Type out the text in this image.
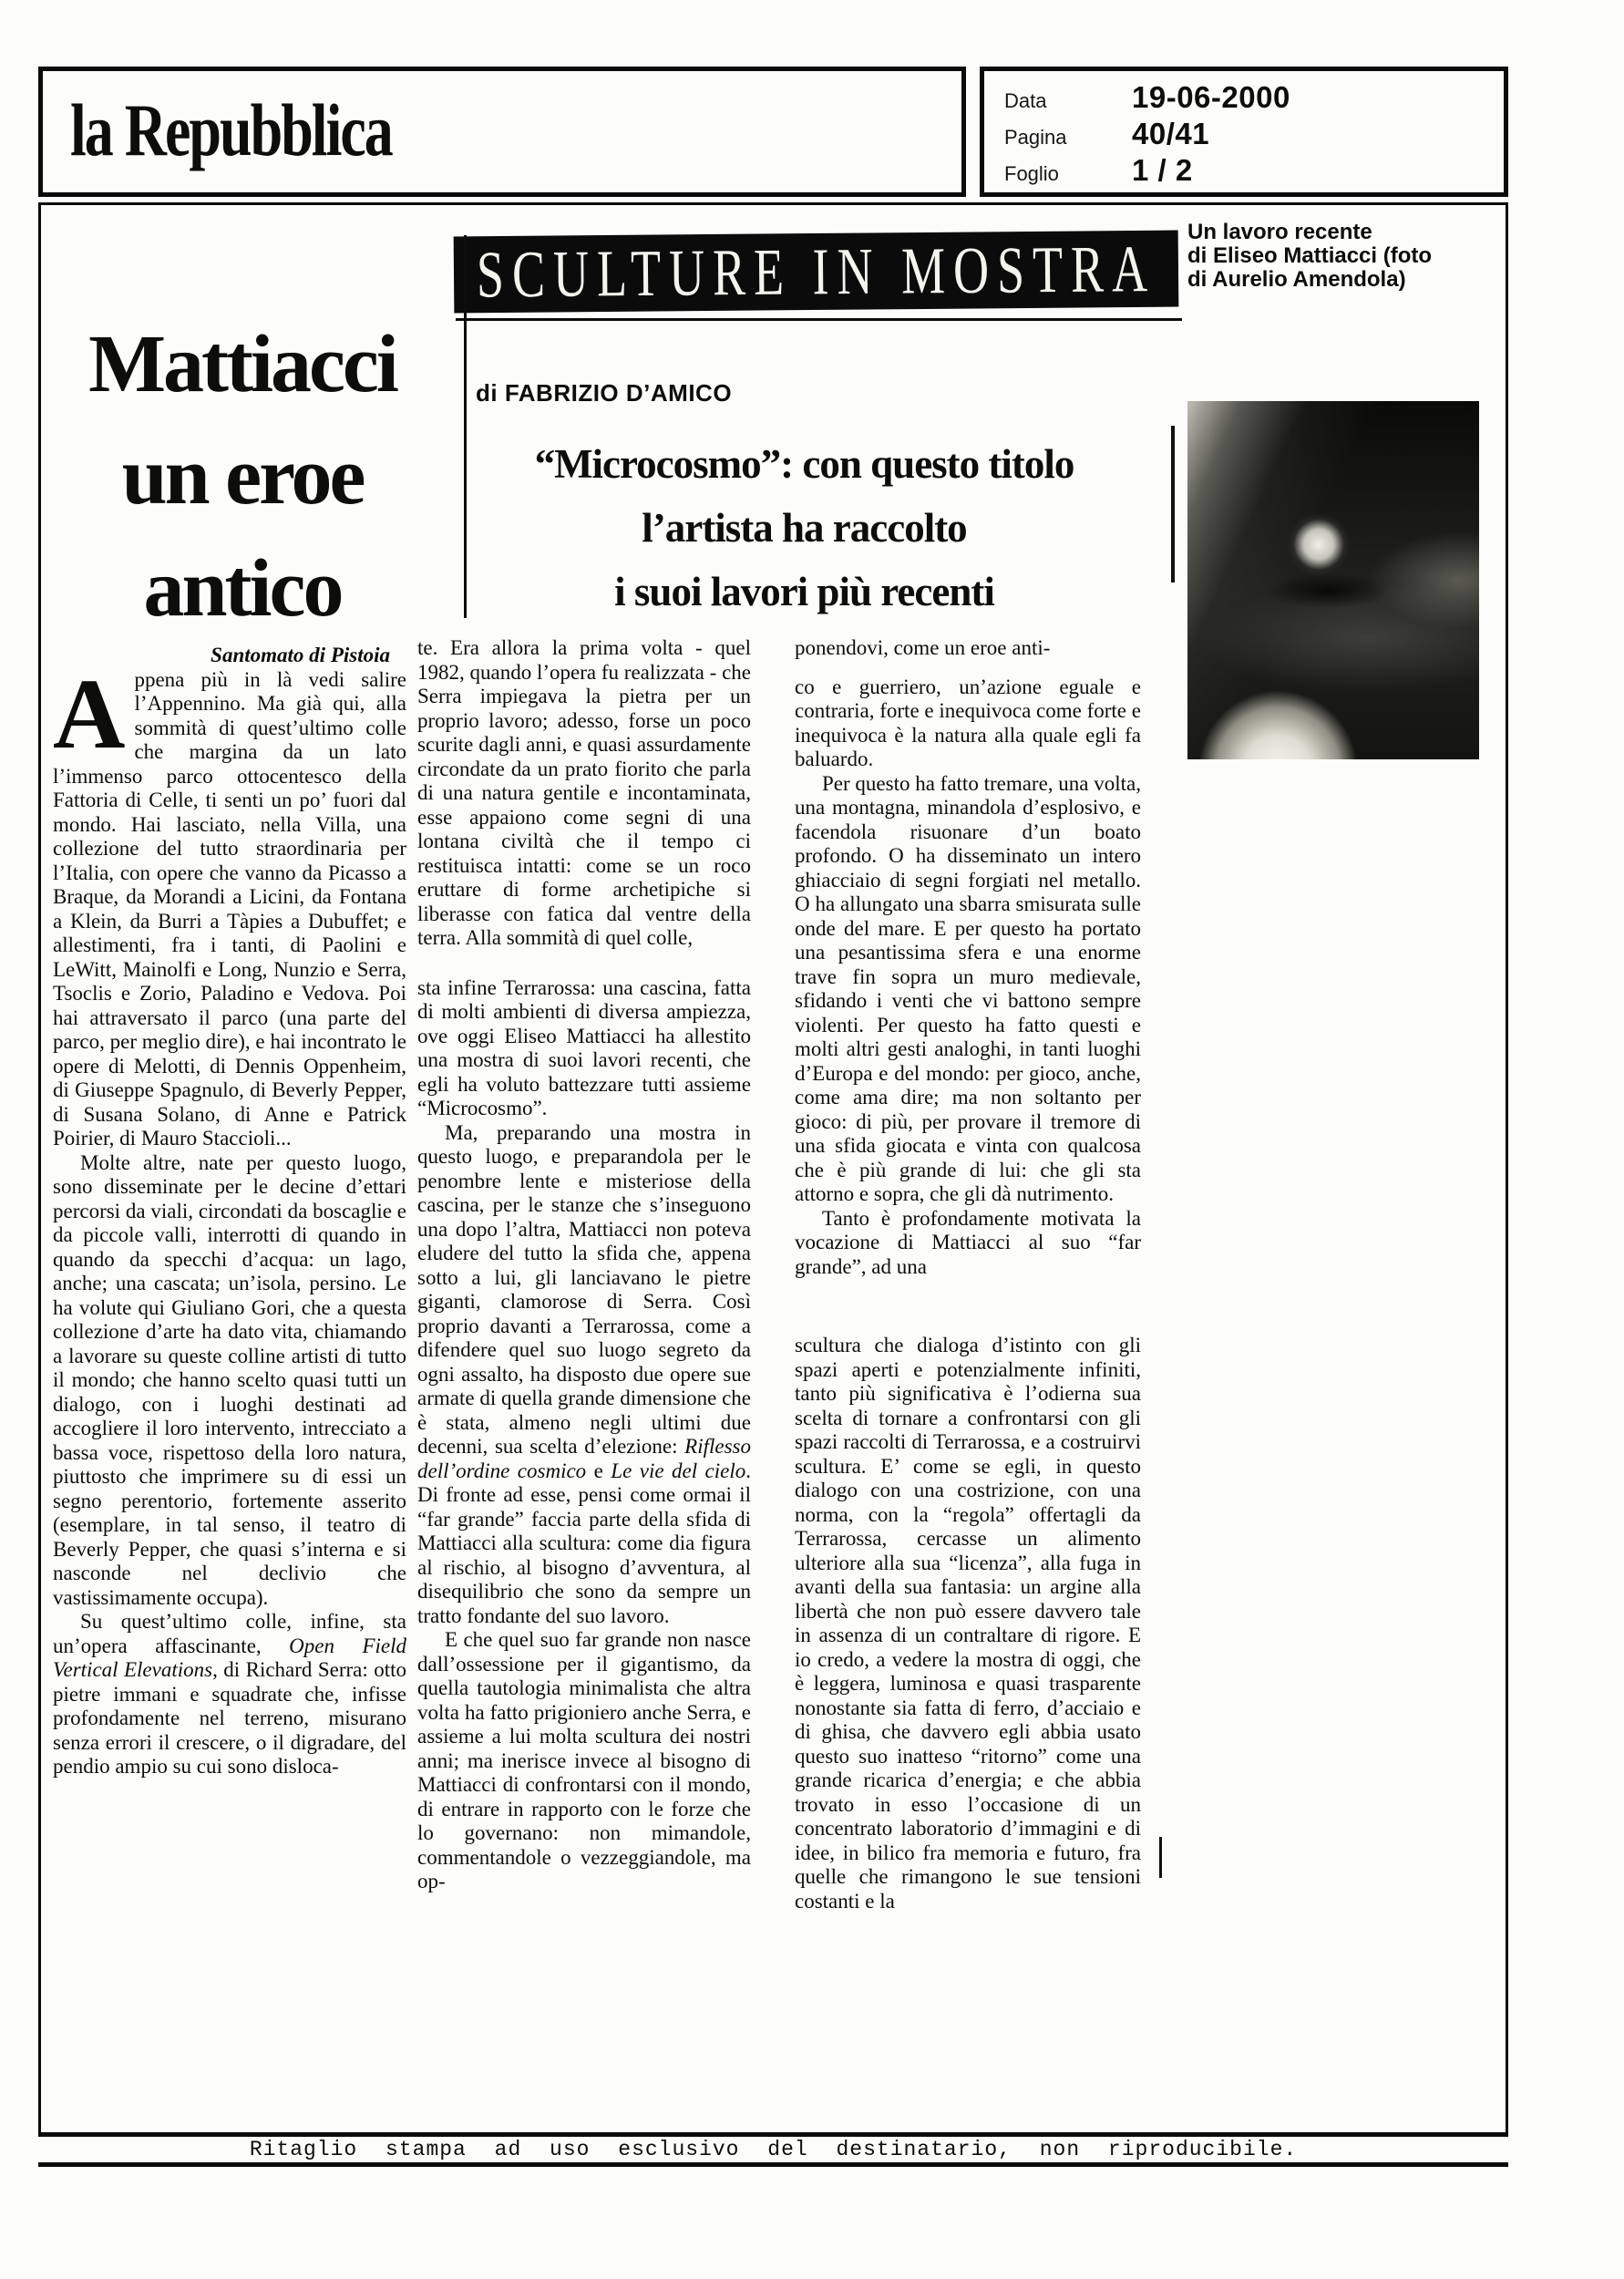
la Repubblica	Data	19-06-2000
Pagina	40/41
Foglio	1 / 2
SCULTURE IN MOSTRA
di FABRIZIO D’AMICO
Un lavoro recente
di Eliseo Mattiacci (foto
di Aurelio Amendola)
Mattiacci
un eroe
antico
“Microcosmo”: con questo titolo
l’artista ha raccolto
i suoi lavori più recenti

Santomato di Pistoia

Appena più in là vedi salire l’Appennino. Ma già qui, alla sommità di quest’ultimo colle che margina da un lato l’immenso parco ottocentesco della Fattoria di Celle, ti senti un po’ fuori dal mondo. Hai lasciato, nella Villa, una collezione del tutto straordinaria per l’Italia, con opere che vanno da Picasso a Braque, da Morandi a Licini, da Fontana a Klein, da Burri a Tàpies a Dubuffet; e allestimenti, fra i tanti, di Paolini e LeWitt, Mainolfi e Long, Nunzio e Serra, Tsoclis e Zorio, Paladino e Vedova. Poi hai attraversato il parco (una parte del parco, per meglio dire), e hai incontrato le opere di Melotti, di Dennis Oppenheim, di Giuseppe Spagnulo, di Beverly Pepper, di Susana Solano, di Anne e Patrick Poirier, di Mauro Staccioli...

Molte altre, nate per questo luogo, sono disseminate per le decine d’ettari percorsi da viali, circondati da boscaglie e da piccole valli, interrotti di quando in quando da specchi d’acqua: un lago, anche; una cascata; un’isola, persino. Le ha volute qui Giuliano Gori, che a questa collezione d’arte ha dato vita, chiamando a lavorare su queste colline artisti di tutto il mondo; che hanno scelto quasi tutti un dialogo, con i luoghi destinati ad accogliere il loro intervento, intrecciato a bassa voce, rispettoso della loro natura, piuttosto che imprimere su di essi un segno perentorio, fortemente asserito (esemplare, in tal senso, il teatro di Beverly Pepper, che quasi s’interna e si nasconde nel declivio che vastissimamente occupa).

Su quest’ultimo colle, infine, sta un’opera affascinante, Open Field Vertical Elevations, di Richard Serra: otto pietre immani e squadrate che, infisse profondamente nel terreno, misurano senza errori il crescere, o il digradare, del pendio ampio su cui sono disloca-

te. Era allora la prima volta - quel 1982, quando l’opera fu realizzata - che Serra impiegava la pietra per un proprio lavoro; adesso, forse un poco scurite dagli anni, e quasi assurdamente circondate da un prato fiorito che parla di una natura gentile e incontaminata, esse appaiono come segni di una lontana civiltà che il tempo ci restituisca intatti: come se un roco eruttare di forme archetipiche si liberasse con fatica dal ventre della terra. Alla sommità di quel colle,

sta infine Terrarossa: una cascina, fatta di molti ambienti di diversa ampiezza, ove oggi Eliseo Mattiacci ha allestito una mostra di suoi lavori recenti, che egli ha voluto battezzare tutti assieme “Microcosmo”.

Ma, preparando una mostra in questo luogo, e preparandola per le penombre lente e misteriose della cascina, per le stanze che s’inseguono una dopo l’altra, Mattiacci non poteva eludere del tutto la sfida che, appena sotto a lui, gli lanciavano le pietre giganti, clamorose di Serra. Così proprio davanti a Terrarossa, come a difendere quel suo luogo segreto da ogni assalto, ha disposto due opere sue armate di quella grande dimensione che è stata, almeno negli ultimi due decenni, sua scelta d’elezione: Riflesso dell’ordine cosmico e Le vie del cielo. Di fronte ad esse, pensi come ormai il “far grande” faccia parte della sfida di Mattiacci alla scultura: come dia figura al rischio, al bisogno d’avventura, al disequilibrio che sono da sempre un tratto fondante del suo lavoro.

E che quel suo far grande non nasce dall’ossessione per il gigantismo, da quella tautologia minimalista che altra volta ha fatto prigioniero anche Serra, e assieme a lui molta scultura dei nostri anni; ma inerisce invece al bisogno di Mattiacci di confrontarsi con il mondo, di entrare in rapporto con le forze che lo governano: non mimandole, commentandole o vezzeggiandole, ma op-

ponendovi, come un eroe anti-

co e guerriero, un’azione eguale e contraria, forte e inequivoca come forte e inequivoca è la natura alla quale egli fa baluardo.

Per questo ha fatto tremare, una volta, una montagna, minandola d’esplosivo, e facendola risuonare d’un boato profondo. O ha disseminato un intero ghiacciaio di segni forgiati nel metallo. O ha allungato una sbarra smisurata sulle onde del mare. E per questo ha portato una pesantissima sfera e una enorme trave fin sopra un muro medievale, sfidando i venti che vi battono sempre violenti. Per questo ha fatto questi e molti altri gesti analoghi, in tanti luoghi d’Europa e del mondo: per gioco, anche, come ama dire; ma non soltanto per gioco: di più, per provare il tremore di una sfida giocata e vinta con qualcosa che è più grande di lui: che gli sta attorno e sopra, che gli dà nutrimento.

Tanto è profondamente motivata la vocazione di Mattiacci al suo “far grande”, ad una

scultura che dialoga d’istinto con gli spazi aperti e potenzialmente infiniti, tanto più significativa è l’odierna sua scelta di tornare a confrontarsi con gli spazi raccolti di Terrarossa, e a costruirvi scultura. E’ come se egli, in questo dialogo con una costrizione, con una norma, con la “regola” offertagli da Terrarossa, cercasse un alimento ulteriore alla sua “licenza”, alla fuga in avanti della sua fantasia: un argine alla libertà che non può essere davvero tale in assenza di un contraltare di rigore. E io credo, a vedere la mostra di oggi, che è leggera, luminosa e quasi trasparente nonostante sia fatta di ferro, d’acciaio e di ghisa, che davvero egli abbia usato questo suo inatteso “ritorno” come una grande ricarica d’energia; e che abbia trovato in esso l’occasione di un concentrato laboratorio d’immagini e di idee, in bilico fra memoria e futuro, fra quelle che rimangono le sue tensioni costanti e la

Ritaglio stampa ad uso esclusivo del destinatario, non riproducibile.
